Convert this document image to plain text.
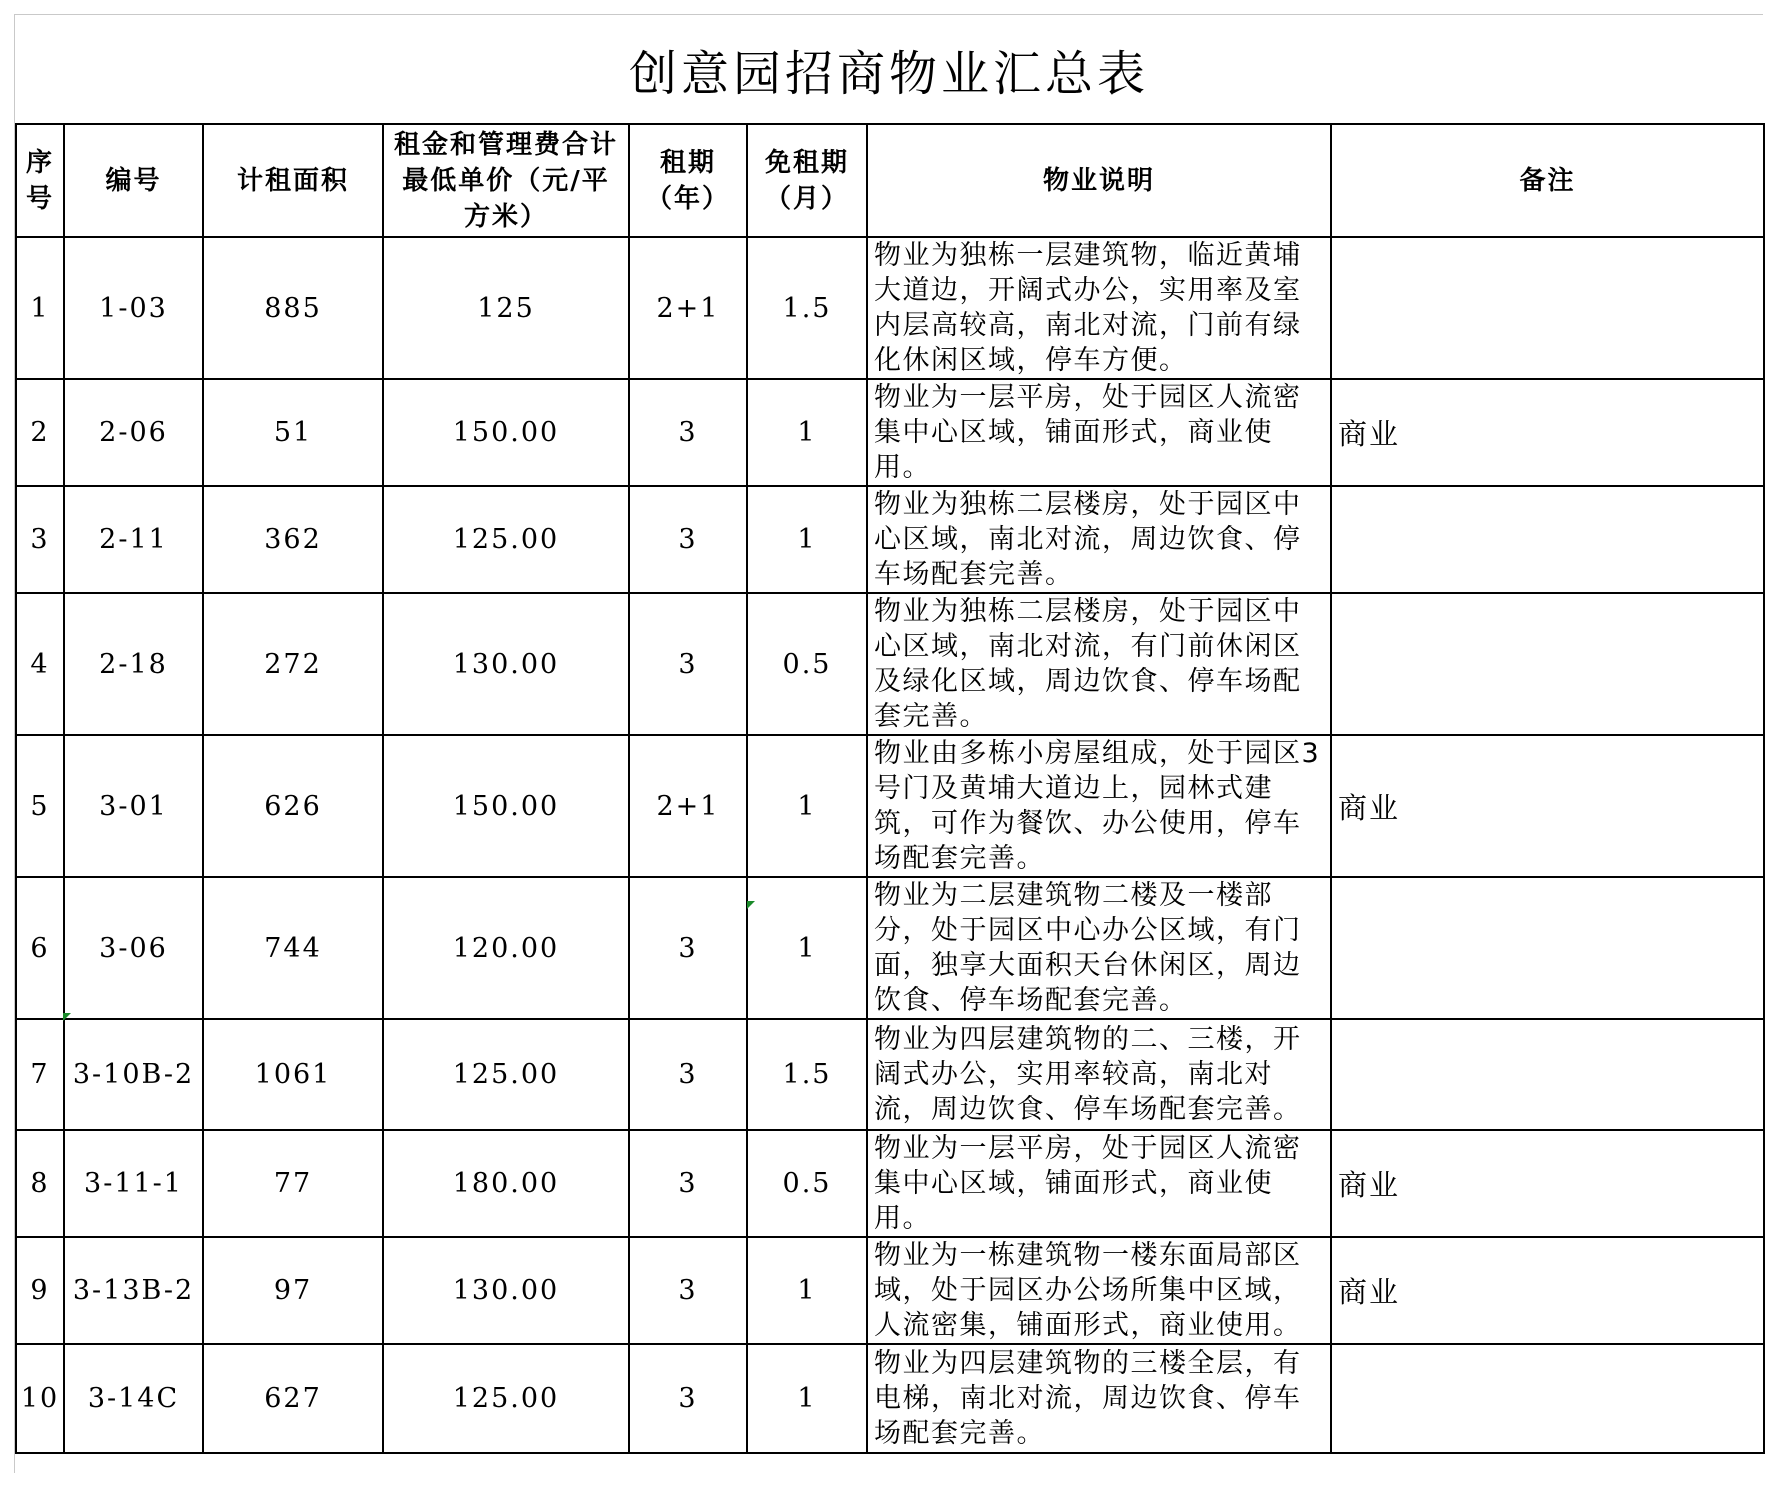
创意园招商物业汇总表
序号	编号	计租面积	租金和管理费合计最低单价（元/平方米）	租期（年）	免租期（月）	物业说明	备注
1	1-03	885	125	2+1	1.5	物业为独栋一层建筑物，临近黄埔大道边，开阔式办公，实用率及室内层高较高，南北对流，门前有绿化休闲区域，停车方便。	
2	2-06	51	150.00	3	1	物业为一层平房，处于园区人流密集中心区域，铺面形式，商业使用。	商业
3	2-11	362	125.00	3	1	物业为独栋二层楼房，处于园区中心区域，南北对流，周边饮食、停车场配套完善。	
4	2-18	272	130.00	3	0.5	物业为独栋二层楼房，处于园区中心区域，南北对流，有门前休闲区及绿化区域，周边饮食、停车场配套完善。	
5	3-01	626	150.00	2+1	1	物业由多栋小房屋组成，处于园区3号门及黄埔大道边上，园林式建筑，可作为餐饮、办公使用，停车场配套完善。	商业
6	3-06	744	120.00	3	1	物业为二层建筑物二楼及一楼部分，处于园区中心办公区域，有门面，独享大面积天台休闲区，周边饮食、停车场配套完善。	
7	3-10B-2	1061	125.00	3	1.5	物业为四层建筑物的二、三楼，开阔式办公，实用率较高，南北对流，周边饮食、停车场配套完善。	
8	3-11-1	77	180.00	3	0.5	物业为一层平房，处于园区人流密集中心区域，铺面形式，商业使用。	商业
9	3-13B-2	97	130.00	3	1	物业为一栋建筑物一楼东面局部区域，处于园区办公场所集中区域，人流密集，铺面形式，商业使用。	商业
10	3-14C	627	125.00	3	1	物业为四层建筑物的三楼全层，有电梯，南北对流，周边饮食、停车场配套完善。	
